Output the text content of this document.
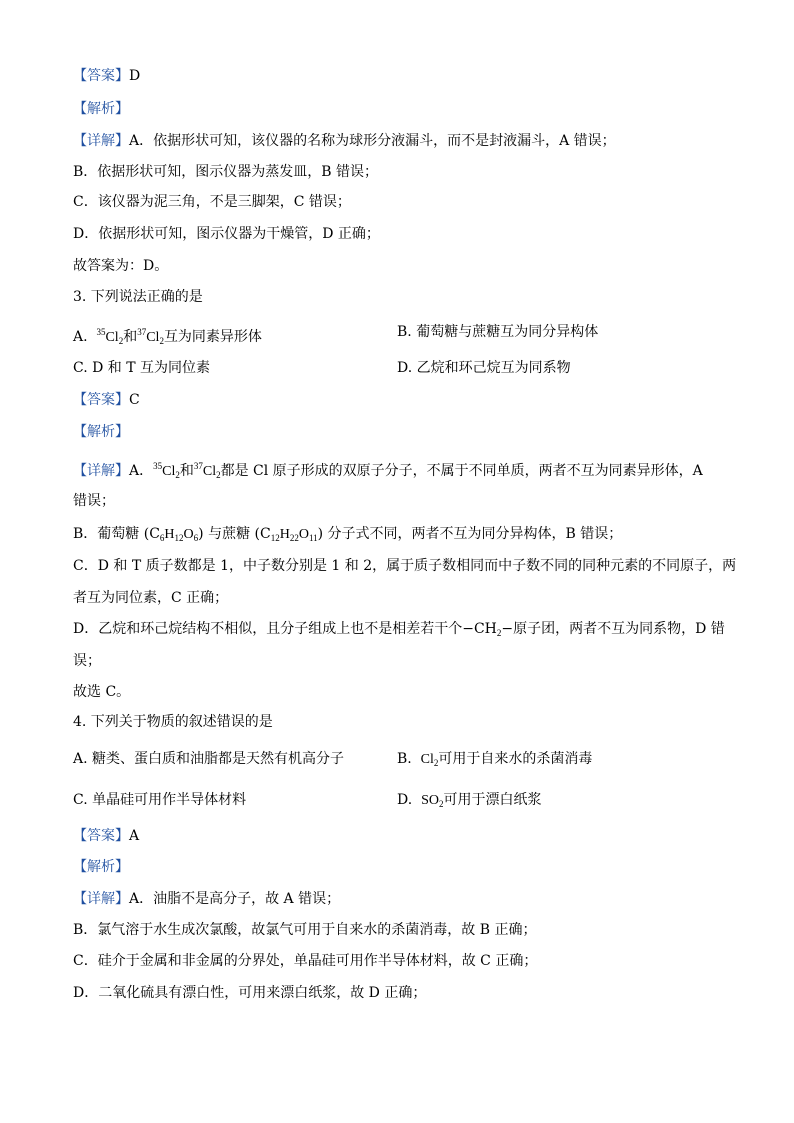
【答案】D
【解析】
【详解】A．依据形状可知，该仪器的名称为球形分液漏斗，而不是封液漏斗，A 错误；
B．依据形状可知，图示仪器为蒸发皿，B 错误；
C．该仪器为泥三角，不是三脚架，C 错误；
D．依据形状可知，图示仪器为干燥管，D 正确；
故答案为：D。
3. 下列说法正确的是
A. $^{35}Cl_2$和$^{37}Cl_2$互为同素异形体	B. 葡萄糖与蔗糖互为同分异构体
C. D 和 T 互为同位素	D. 乙烷和环己烷互为同系物
【答案】C
【解析】
【详解】A．$^{35}Cl_2$和$^{37}Cl_2$都是 Cl 原子形成的双原子分子，不属于不同单质，两者不互为同素异形体，A
错误；
B．葡萄糖 $(C_6H_{12}O_6)$ 与蔗糖 $(C_{12}H_{22}O_{11})$ 分子式不同，两者不互为同分异构体，B 错误；
C．D 和 T 质子数都是 1，中子数分别是 1 和 2，属于质子数相同而中子数不同的同种元素的不同原子，两
者互为同位素，C 正确；
D．乙烷和环己烷结构不相似，且分子组成上也不是相差若干个$-CH_2-$原子团，两者不互为同系物，D 错
误；
故选 C。
4. 下列关于物质的叙述错误的是
A. 糖类、蛋白质和油脂都是天然有机高分子	B. $Cl_2$可用于自来水的杀菌消毒
C. 单晶硅可用作半导体材料	D. $SO_2$可用于漂白纸浆
【答案】A
【解析】
【详解】A．油脂不是高分子，故 A 错误；
B．氯气溶于水生成次氯酸，故氯气可用于自来水的杀菌消毒，故 B 正确；
C．硅介于金属和非金属的分界处，单晶硅可用作半导体材料，故 C 正确；
D．二氧化硫具有漂白性，可用来漂白纸浆，故 D 正确；
